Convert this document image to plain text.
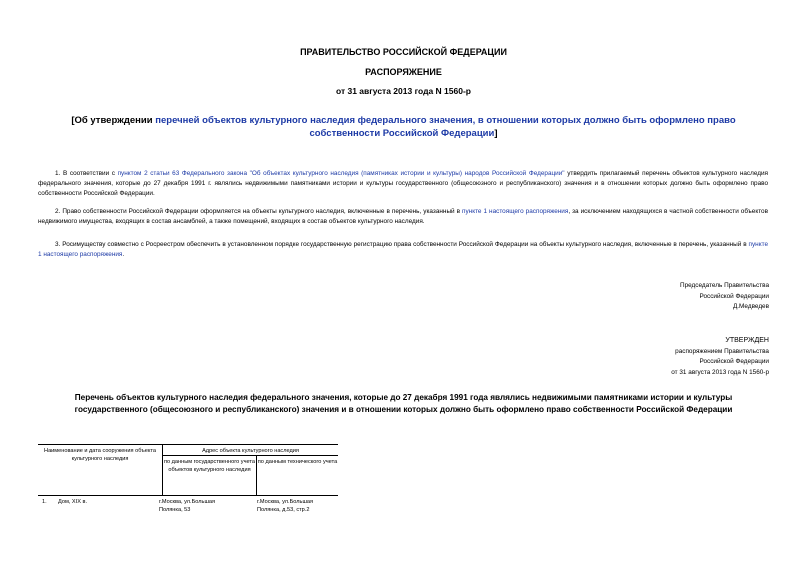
ПРАВИТЕЛЬСТВО РОССИЙСКОЙ ФЕДЕРАЦИИ
РАСПОРЯЖЕНИЕ
от 31 августа 2013 года N 1560-р
[Об утверждении перечней объектов культурного наследия федерального значения, в отношении которых должно быть оформлено право собственности Российской Федерации]
1. В соответствии с пунктом 2 статьи 63 Федерального закона "Об объектах культурного наследия (памятниках истории и культуры) народов Российской Федерации" утвердить прилагаемый перечень объектов культурного наследия федерального значения, которые до 27 декабря 1991 г. являлись недвижимыми памятниками истории и культуры государственного (общесоюзного и республиканского) значения и в отношении которых должно быть оформлено право собственности Российской Федерации.
2. Право собственности Российской Федерации оформляется на объекты культурного наследия, включенные в перечень, указанный в пункте 1 настоящего распоряжения, за исключением находящихся в частной собственности объектов недвижимого имущества, входящих в состав ансамблей, а также помещений, входящих в состав объектов культурного наследия.
3. Росимуществу совместно с Росреестром обеспечить в установленном порядке государственную регистрацию права собственности Российской Федерации на объекты культурного наследия, включенные в перечень, указанный в пункте 1 настоящего распоряжения.
Председатель Правительства
Российской Федерации
Д.Медведев
УТВЕРЖДЕН
распоряжением Правительства
Российской Федерации
от 31 августа 2013 года N 1560-р
Перечень объектов культурного наследия федерального значения, которые до 27 декабря 1991 года являлись недвижимыми памятниками истории и культуры
государственного (общесоюзного и республиканского) значения и в отношении которых должно быть оформлено право собственности Российской Федерации
Наименование и дата сооружения объекта культурного наследия
Адрес объекта культурного наследия
по данным государственного учета объектов культурного наследия
по данным технического учета
1.	Дом, XIX в.	г.Москва, ул.Большая Полянка, 53
г.Москва, ул.Большая Полянка, д.53, стр.2
